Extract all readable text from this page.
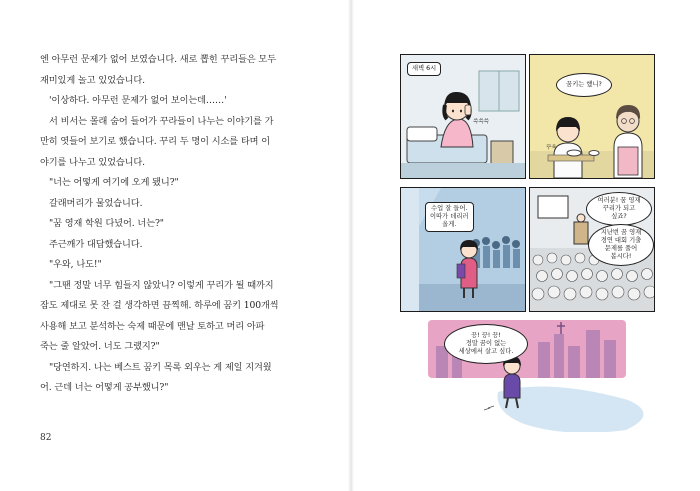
엔 아무런 문제가 없어 보였습니다. 새로 뽑힌 꾸리들은 모두

재미있게 놀고 있었습니다.

'이상하다. 아무런 문제가 없어 보이는데……'

서 비서는 몰래 숨어 들어가 꾸라들이 나누는 이야기를 가

만히 엿들어 보기로 했습니다. 꾸리 두 명이 시소를 타며 이

야기를 나누고 있었습니다.

"너는 어떻게 여기에 오게 됐니?"

갈래머리가 물었습니다.

"꿈 영재 학원 다녔어. 너는?"

주근깨가 대답했습니다.

"우와, 나도!"

"그땐 정말 너무 힘들지 않았니? 이렇게 꾸리가 될 때까지

잠도 제대로 못 잔 걸 생각하면 끔찍해. 하루에 꿈키 100개씩

사용해 보고 분석하는 숙제 때문에 맨날 토하고 머리 아파

죽는 줄 알았어. 너도 그랬지?"

"당연하지. 나는 베스트 꿈키 목록 외우는 게 제일 지겨웠

어. 근데 너는 어떻게 공부했니?"

82
새벽 6시
쓱쓱쓱
꿈키는 했니?
꾸욱
수업 잘 들어.
이따가 데리러
올게.
여러분! 꿈 영재
꾸리가 되고
싶죠?
지난번 꿈 영재
경연 대회 기출
문제를 풀어
봅시다!
끙! 끙! 끙!
정말 꿈이 없는
세상에서 살고 싶다.
